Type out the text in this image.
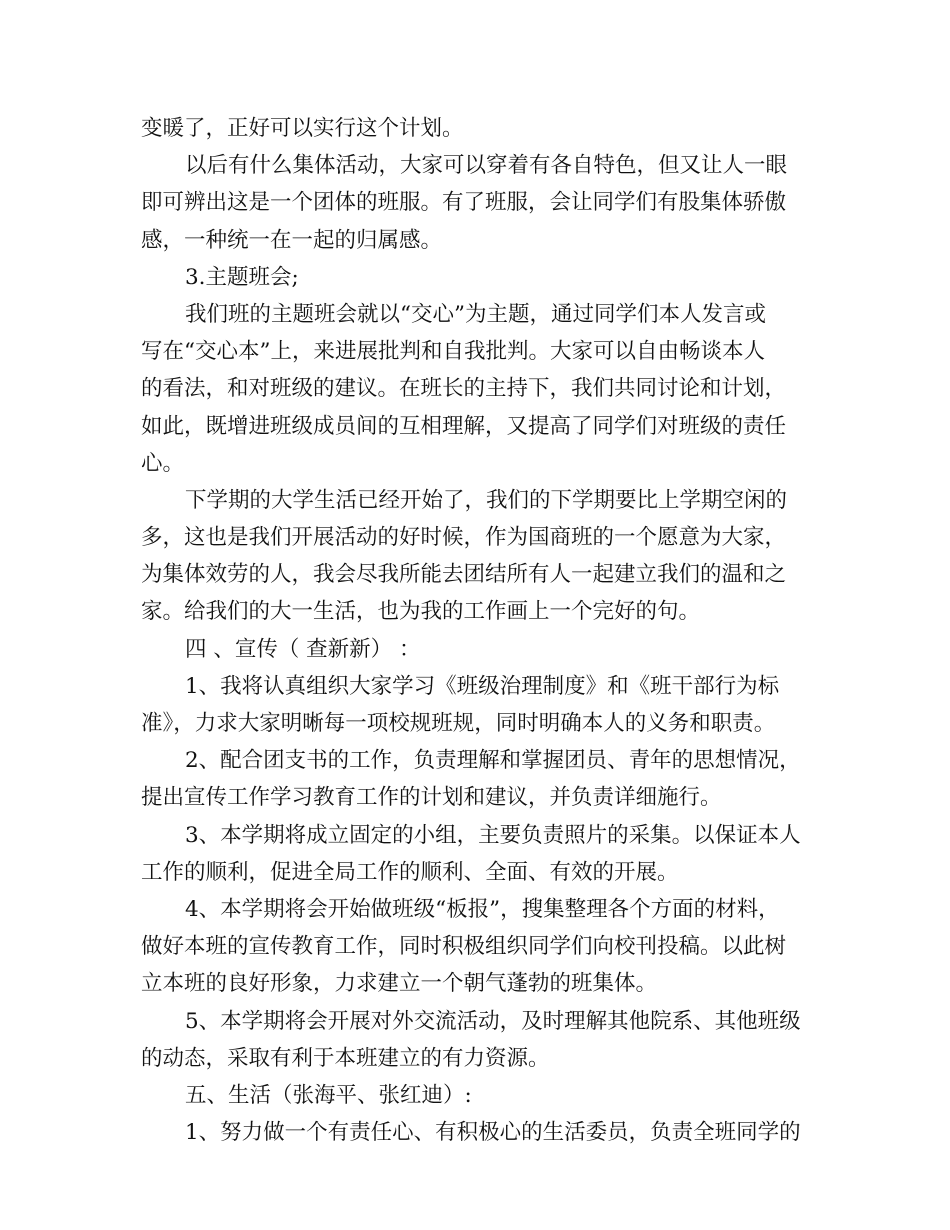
变暖了，正好可以实行这个计划。
以后有什么集体活动，大家可以穿着有各自特色，但又让人一眼
即可辨出这是一个团体的班服。有了班服，会让同学们有股集体骄傲
感，一种统一在一起的归属感。
3.主题班会;
我们班的主题班会就以“交心”为主题，通过同学们本人发言或
写在“交心本”上，来进展批判和自我批判。大家可以自由畅谈本人
的看法，和对班级的建议。在班长的主持下，我们共同讨论和计划，
如此，既增进班级成员间的互相理解，又提高了同学们对班级的责任
心。
下学期的大学生活已经开始了，我们的下学期要比上学期空闲的
多，这也是我们开展活动的好时候，作为国商班的一个愿意为大家，
为集体效劳的人，我会尽我所能去团结所有人一起建立我们的温和之
家。给我们的大一生活，也为我的工作画上一个完好的句。
四 、宣传（ 查新新） ：
1、我将认真组织大家学习《班级治理制度》和《班干部行为标
准》，力求大家明晰每一项校规班规，同时明确本人的义务和职责。
2、配合团支书的工作，负责理解和掌握团员、青年的思想情况，
提出宣传工作学习教育工作的计划和建议，并负责详细施行。
3、本学期将成立固定的小组，主要负责照片的采集。以保证本人
工作的顺利，促进全局工作的顺利、全面、有效的开展。
4、本学期将会开始做班级“板报”，搜集整理各个方面的材料，
做好本班的宣传教育工作，同时积极组织同学们向校刊投稿。以此树
立本班的良好形象，力求建立一个朝气蓬勃的班集体。
5、本学期将会开展对外交流活动，及时理解其他院系、其他班级
的动态，采取有利于本班建立的有力资源。
五、生活（张海平、张红迪）:
1、努力做一个有责任心、有积极心的生活委员，负责全班同学的
